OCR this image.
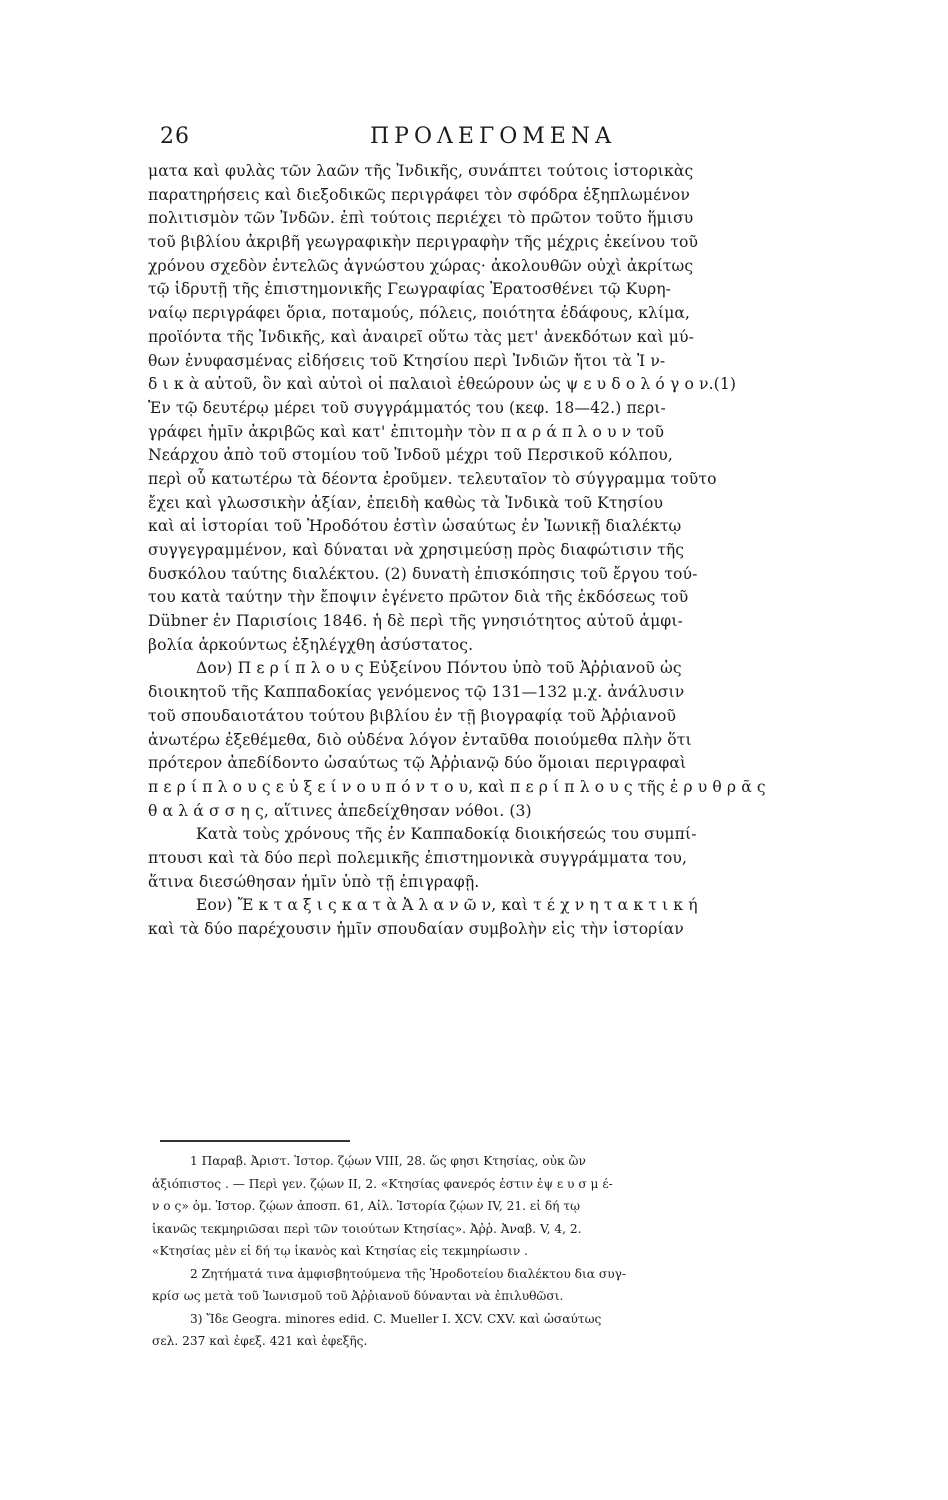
26	ΠΡΟΛΕΓΟΜΕΝΑ
ματα καὶ φυλὰς τῶν λαῶν τῆς Ἰνδικῆς, συνάπτει τούτοις ἱστορικὰς
παρατηρήσεις καὶ διεξοδικῶς περιγράφει τὸν σφόδρα ἐξηπλωμένον
πολιτισμὸν τῶν Ἰνδῶν. ἐπὶ τούτοις περιέχει τὸ πρῶτον τοῦτο ἥμισυ
τοῦ βιβλίου ἀκριβῆ γεωγραφικὴν περιγραφὴν τῆς μέχρις ἐκείνου τοῦ
χρόνου σχεδὸν ἐντελῶς ἀγνώστου χώρας· ἀκολουθῶν οὐχὶ ἀκρίτως
τῷ ἱδρυτῇ τῆς ἐπιστημονικῆς Γεωγραφίας Ἐρατοσθένει τῷ Κυρη-
ναίῳ περιγράφει ὅρια, ποταμούς, πόλεις, ποιότητα ἐδάφους, κλίμα,
προϊόντα τῆς Ἰνδικῆς, καὶ ἀναιρεῖ οὕτω τὰς μετ' ἀνεκδότων καὶ μύ-
θων ἐνυφασμένας εἰδήσεις τοῦ Κτησίου περὶ Ἰνδιῶν ἤτοι τὰ Ἰ ν-
δ ι κ ὰ αὐτοῦ, ὃν καὶ αὐτοὶ οἱ παλαιοὶ ἐθεώρουν ὡς ψ ε υ δ ο λ ό γ ο ν.(1)
Ἐν τῷ δευτέρῳ μέρει τοῦ συγγράμματός του (κεφ. 18—42.) περι-
γράφει ἡμῖν ἀκριβῶς καὶ κατ' ἐπιτομὴν τὸν π α ρ ά π λ ο υ ν τοῦ
Νεάρχου ἀπὸ τοῦ στομίου τοῦ Ἰνδοῦ μέχρι τοῦ Περσικοῦ κόλπου,
περὶ οὗ κατωτέρω τὰ δέοντα ἐροῦμεν. τελευταῖον τὸ σύγγραμμα τοῦτο
ἔχει καὶ γλωσσικὴν ἀξίαν, ἐπειδὴ καθὼς τὰ Ἰνδικὰ τοῦ Κτησίου
καὶ αἱ ἱστορίαι τοῦ Ἡροδότου ἐστὶν ὡσαύτως ἐν Ἰωνικῇ διαλέκτῳ
συγγεγραμμένον, καὶ δύναται νὰ χρησιμεύσῃ πρὸς διαφώτισιν τῆς
δυσκόλου ταύτης διαλέκτου. (2) δυνατὴ ἐπισκόπησις τοῦ ἔργου τού-
του κατὰ ταύτην τὴν ἔποψιν ἐγένετο πρῶτον διὰ τῆς ἐκδόσεως τοῦ
Dübner ἐν Παρισίοις 1846. ἡ δὲ περὶ τῆς γνησιότητος αὐτοῦ ἀμφι-
βολία ἀρκούντως ἐξηλέγχθη ἀσύστατος.
Δον) Π ε ρ ί π λ ο υ ς Εὐξείνου Πόντου ὑπὸ τοῦ Ἀῤῥιανοῦ ὡς
διοικητοῦ τῆς Καππαδοκίας γενόμενος τῷ 131—132 μ.χ. ἀνάλυσιν
τοῦ σπουδαιοτάτου τούτου βιβλίου ἐν τῇ βιογραφίᾳ τοῦ Ἀῤῥιανοῦ
ἀνωτέρω ἐξεθέμεθα, διὸ οὐδένα λόγον ἐνταῦθα ποιούμεθα πλὴν ὅτι
πρότερον ἀπεδίδοντο ὡσαύτως τῷ Ἀῤῥιανῷ δύο ὅμοιαι περιγραφαὶ
π ε ρ ί π λ ο υ ς ε ὐ ξ ε ί ν ο υ π ό ν τ ο υ, καὶ π ε ρ ί π λ ο υ ς τῆς ἐ ρ υ θ ρ ᾶ ς
θ α λ ά σ σ η ς, αἵτινες ἀπεδείχθησαν νόθοι. (3)
Κατὰ τοὺς χρόνους τῆς ἐν Καππαδοκίᾳ διοικήσεώς του συμπί-
πτουσι καὶ τὰ δύο περὶ πολεμικῆς ἐπιστημονικὰ συγγράμματα του,
ἅτινα διεσώθησαν ἡμῖν ὑπὸ τῇ ἐπιγραφῇ.
Εον) Ἔ κ τ α ξ ι ς κ α τ ὰ Ἀ λ α ν ῶ ν, καὶ τ έ χ ν η τ α κ τ ι κ ή
καὶ τὰ δύο παρέχουσιν ἡμῖν σπουδαίαν συμβολὴν εἰς τὴν ἱστορίαν
1 Παραβ. Ἀριστ. Ἱστορ. ζῴων VIII, 28. ὥς φησι Κτησίας, οὐκ ὢν
ἀξιόπιστος . — Περὶ γεν. ζῴων II, 2. «Κτησίας φανερός ἐστιν ἐψ ε υ σ μ έ-
ν ο ς» ὁμ. Ἱστορ. ζῴων ἀποσπ. 61, Αἰλ. Ἱστορία ζῴων IV, 21. εἰ δή τῳ
ἱκανῶς τεκμηριῶσαι περὶ τῶν τοιούτων Κτησίας». Ἀῤῥ. Ἀναβ. V, 4, 2.
«Κτησίας μὲν εἰ δή τῳ ἱκανὸς καὶ Κτησίας εἰς τεκμηρίωσιν .
2 Ζητήματά τινα ἀμφισβητούμενα τῆς Ἡροδοτείου διαλέκτου δια συγ-
κρίσ ως μετὰ τοῦ Ἰωνισμοῦ τοῦ Ἀῤῥιανοῦ δύνανται νὰ ἐπιλυθῶσι.
3) Ἴδε Geogra. minores edid. C. Mueller I. XCV. CXV. καὶ ὡσαύτως
σελ. 237 καὶ ἐφεξ. 421 καὶ ἐφεξῆς.
